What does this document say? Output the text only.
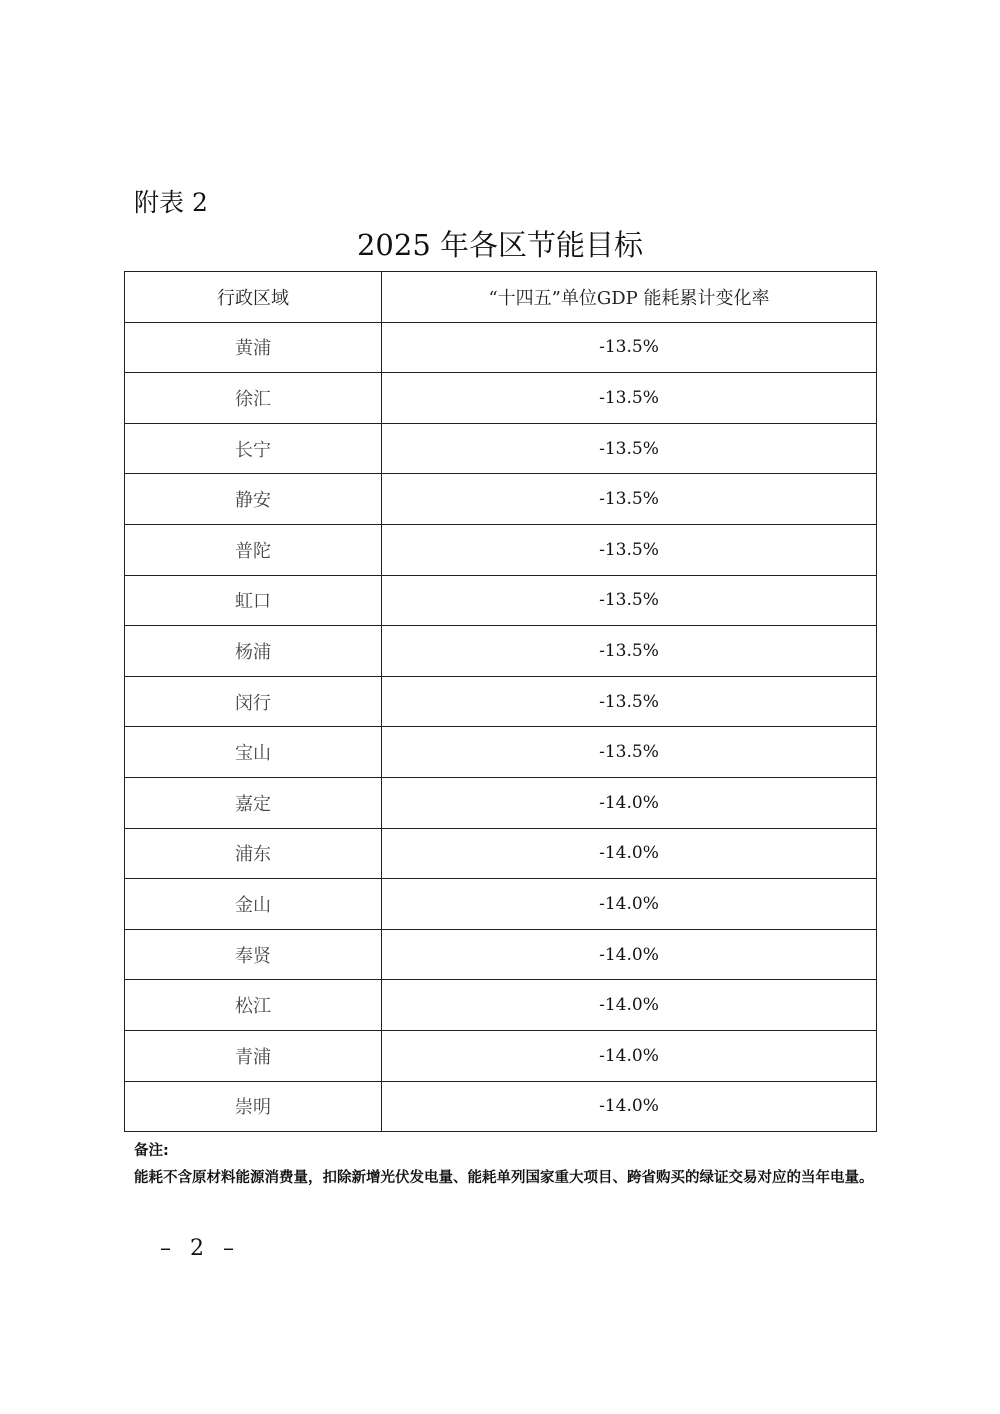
附表 2
2025 年各区节能目标
行政区域	“十四五”单位GDP 能耗累计变化率
黄浦	-13.5%
徐汇	-13.5%
长宁	-13.5%
静安	-13.5%
普陀	-13.5%
虹口	-13.5%
杨浦	-13.5%
闵行	-13.5%
宝山	-13.5%
嘉定	-14.0%
浦东	-14.0%
金山	-14.0%
奉贤	-14.0%
松江	-14.0%
青浦	-14.0%
崇明	-14.0%
备注:
能耗不含原材料能源消费量，扣除新增光伏发电量、能耗单列国家重大项目、跨省购买的绿证交易对应的当年电量。
– 2 –
